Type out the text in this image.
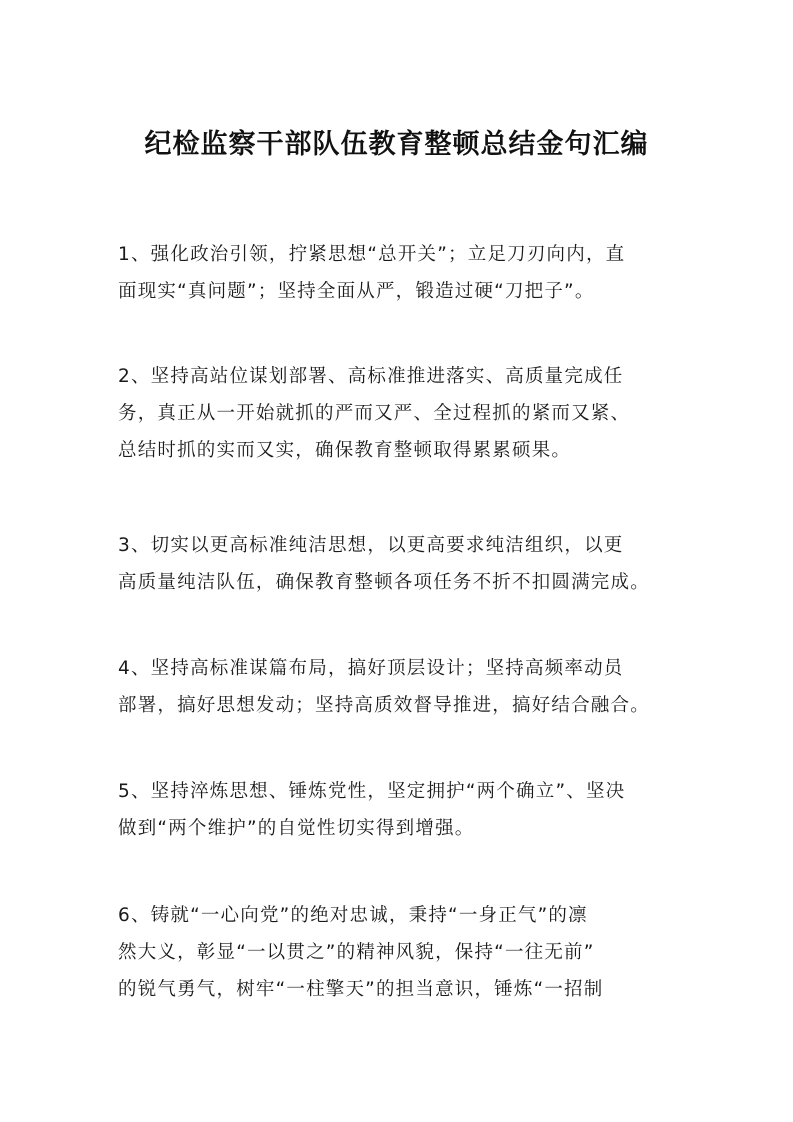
纪检监察干部队伍教育整顿总结金句汇编

1、强化政治引领，拧紧思想“总开关”；立足刀刃向内，直
面现实“真问题”；坚持全面从严，锻造过硬“刀把子”。

2、坚持高站位谋划部署、高标准推进落实、高质量完成任
务，真正从一开始就抓的严而又严、全过程抓的紧而又紧、
总结时抓的实而又实，确保教育整顿取得累累硕果。

3、切实以更高标准纯洁思想，以更高要求纯洁组织，以更
高质量纯洁队伍，确保教育整顿各项任务不折不扣圆满完成。

4、坚持高标准谋篇布局，搞好顶层设计；坚持高频率动员
部署，搞好思想发动；坚持高质效督导推进，搞好结合融合。

5、坚持淬炼思想、锤炼党性，坚定拥护“两个确立”、坚决
做到“两个维护”的自觉性切实得到增强。

6、铸就“一心向党”的绝对忠诚，秉持“一身正气”的凛
然大义，彰显“一以贯之”的精神风貌，保持“一往无前”
的锐气勇气，树牢“一柱擎天”的担当意识，锤炼“一招制
